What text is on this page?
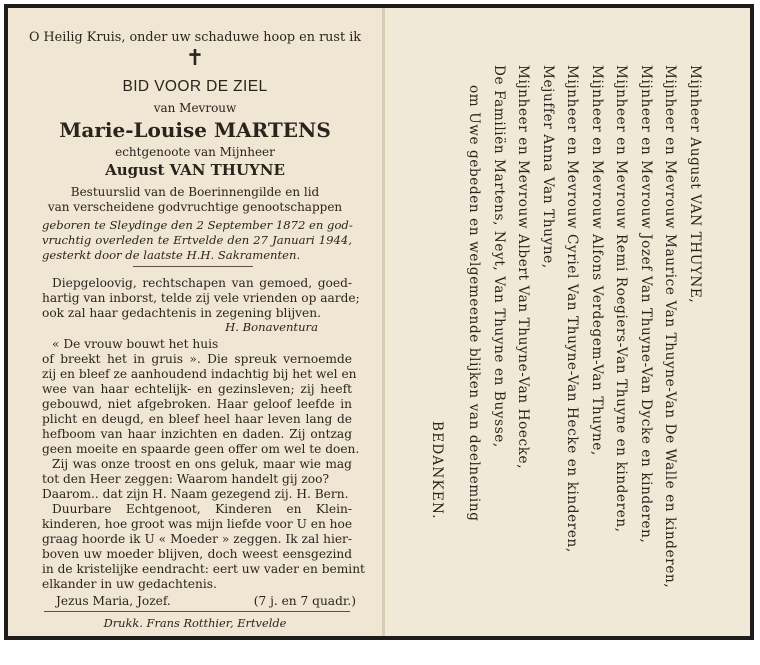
O Heilig Kruis, onder uw schaduwe hoop en rust ik
✝
BID VOOR DE ZIEL
van Mevrouw
Marie-Louise MARTENS
echtgenoote van Mijnheer
August VAN THUYNE
Bestuurslid van de Boerinnengilde en lid
van verscheidene godvruchtige genootschappen
geboren te Sleydinge den 2 September 1872 en god-
vruchtig overleden te Ertvelde den 27 Januari 1944,
gesterkt door de laatste H.H. Sakramenten.
Diepgeloovig, rechtschapen van gemoed, goed-
hartig van inborst, telde zij vele vrienden op aarde;
ook zal haar gedachtenis in zegening blijven.
H. Bonaventura
« De vrouw bouwt het huis
of breekt het in gruis ». Die spreuk vernoemde
zij en bleef ze aanhoudend indachtig bij het wel en
wee van haar echtelijk- en gezinsleven; zij heeft
gebouwd, niet afgebroken. Haar geloof leefde in
plicht en deugd, en bleef heel haar leven lang de
hefboom van haar inzichten en daden. Zij ontzag
geen moeite en spaarde geen offer om wel te doen.
Zij was onze troost en ons geluk, maar wie mag
tot den Heer zeggen: Waarom handelt gij zoo?
Daarom.. dat zijn H. Naam gezegend zij. H. Bern.
Duurbare Echtgenoot, Kinderen en Klein-
kinderen, hoe groot was mijn liefde voor U en hoe
graag hoorde ik U « Moeder » zeggen. Ik zal hier-
boven uw moeder blijven, doch weest eensgezind
in de kristelijke eendracht: eert uw vader en bemint
elkander in uw gedachtenis.
Jezus Maria, Jozef.	(7 j. en 7 quadr.)
Drukk. Frans Rotthier, Ertvelde
Mijnheer August VAN THUYNE,
Mijnheer en Mevrouw Maurice Van Thuyne-Van De Walle en kinderen,
Mijnheer en Mevrouw Jozef Van Thuyne-Van Dycke en kinderen,
Mijnheer en Mevrouw Remi Roegiers-Van Thuyne en kinderen,
Mijnheer en Mevrouw Alfons Verdegem-Van Thuyne,
Mijnheer en Mevrouw Cyriel Van Thuyne-Van Hecke en kinderen,
Mejuffer Anna Van Thuyne,
Mijnheer en Mevrouw Albert Van Thuyne-Van Hoecke,
De Familiën Martens, Neyt, Van Thuyne en Buysse,
om Uwe gebeden en welgemeende blijken van deelneming
BEDANKEN.
